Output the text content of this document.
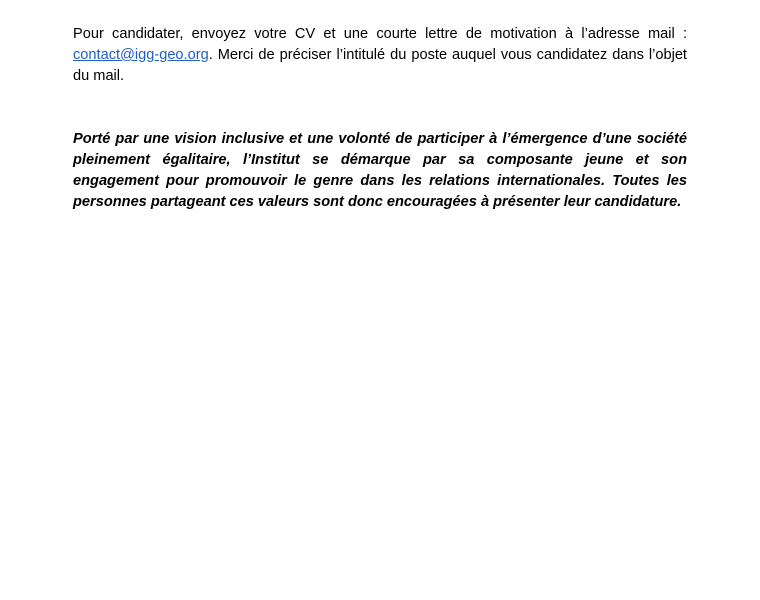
Pour candidater, envoyez votre CV et une courte lettre de motivation à l’adresse mail : contact@igg-geo.org. Merci de préciser l’intitulé du poste auquel vous candidatez dans l’objet du mail.

Porté par une vision inclusive et une volonté de participer à l’émergence d’une société pleinement égalitaire, l’Institut se démarque par sa composante jeune et son engagement pour promouvoir le genre dans les relations internationales. Toutes les personnes partageant ces valeurs sont donc encouragées à présenter leur candidature.
